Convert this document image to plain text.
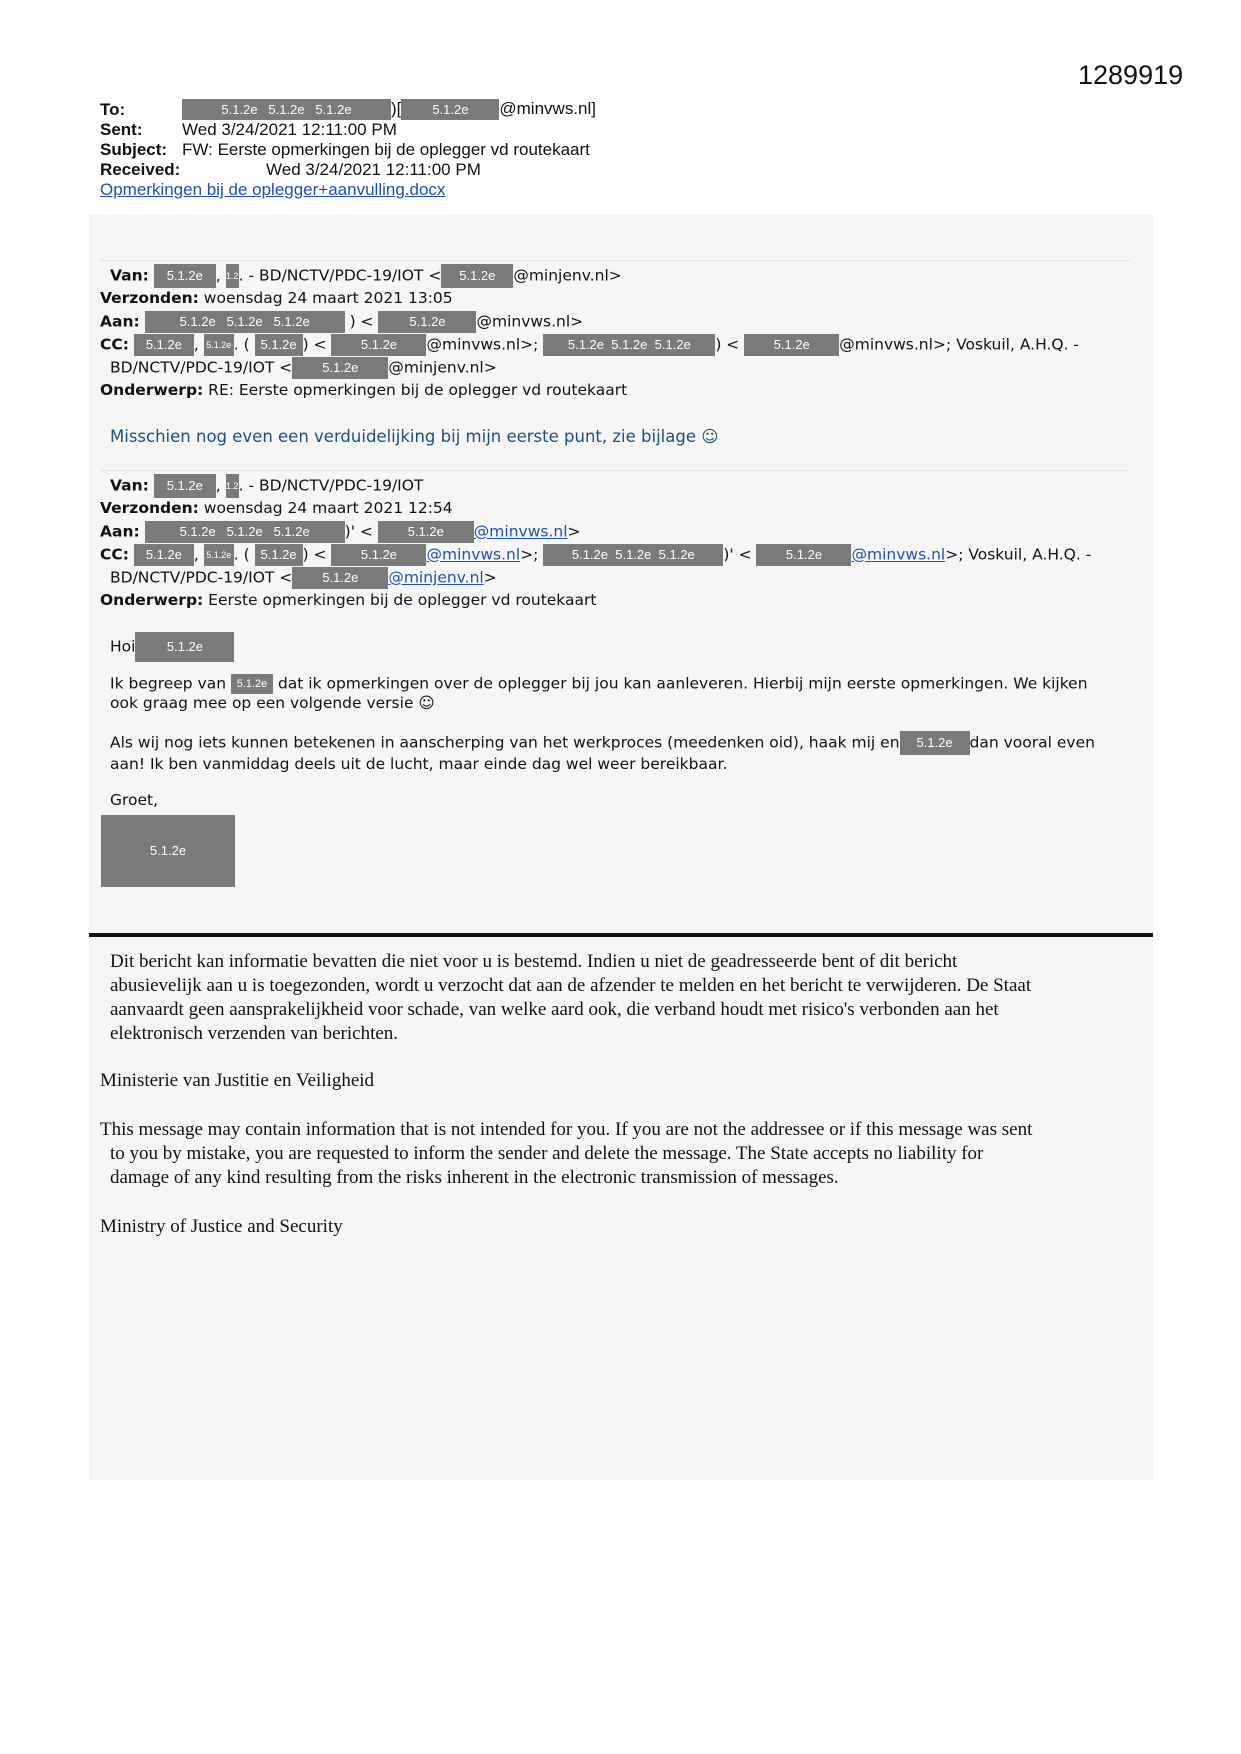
1289919
To:	5.1.2e 5.1.2e 5.1.2e )[ 5.1.2e @minvws.nl]
Sent: Wed 3/24/2021 12:11:00 PM
Subject: FW: Eerste opmerkingen bij de oplegger vd routekaart
Received:	Wed 3/24/2021 12:11:00 PM
Opmerkingen bij de oplegger+aanvulling.docx
Van: 5.1.2e , 1.2. - BD/NCTV/PDC-19/IOT < 5.1.2e @minjenv.nl>
Verzonden: woensdag 24 maart 2021 13:05
Aan:	5.1.2e 5.1.2e 5.1.2e ) < 5.1.2e @minvws.nl>
CC: 5.1.2e , 5.1.2e . ( 5.1.2e ) < 5.1.2e @minvws.nl>; 5.1.2e 5.1.2e 5.1.2e ) < 5.1.2e @minvws.nl>; Voskuil, A.H.Q. -
BD/NCTV/PDC-19/IOT < 5.1.2e @minjenv.nl>
Onderwerp: RE: Eerste opmerkingen bij de oplegger vd routekaart
Misschien nog even een verduidelijking bij mijn eerste punt, zie bijlage ☺
Van: 5.1.2e , 1.2. - BD/NCTV/PDC-19/IOT
Verzonden: woensdag 24 maart 2021 12:54
Aan:	5.1.2e 5.1.2e 5.1.2e )' < 5.1.2e @minvws.nl>
CC: 5.1.2e , 5.1.2e . ( 5.1.2e ) < 5.1.2e @minvws.nl>; 5.1.2e 5.1.2e 5.1.2e )' < 5.1.2e @minvws.nl>; Voskuil, A.H.Q. -
BD/NCTV/PDC-19/IOT < 5.1.2e @minjenv.nl>
Onderwerp: Eerste opmerkingen bij de oplegger vd routekaart
Hoi 5.1.2e
Ik begreep van 5.1.2e dat ik opmerkingen over de oplegger bij jou kan aanleveren. Hierbij mijn eerste opmerkingen. We kijken
ook graag mee op een volgende versie ☺
Als wij nog iets kunnen betekenen in aanscherping van het werkproces (meedenken oid), haak mij en 5.1.2e dan vooral even
aan! Ik ben vanmiddag deels uit de lucht, maar einde dag wel weer bereikbaar.
Groet,
5.1.2e
Dit bericht kan informatie bevatten die niet voor u is bestemd. Indien u niet de geadresseerde bent of dit bericht
abusievelijk aan u is toegezonden, wordt u verzocht dat aan de afzender te melden en het bericht te verwijderen. De Staat
aanvaardt geen aansprakelijkheid voor schade, van welke aard ook, die verband houdt met risico's verbonden aan het
elektronisch verzenden van berichten.
Ministerie van Justitie en Veiligheid
This message may contain information that is not intended for you. If you are not the addressee or if this message was sent
to you by mistake, you are requested to inform the sender and delete the message. The State accepts no liability for
damage of any kind resulting from the risks inherent in the electronic transmission of messages.
Ministry of Justice and Security
